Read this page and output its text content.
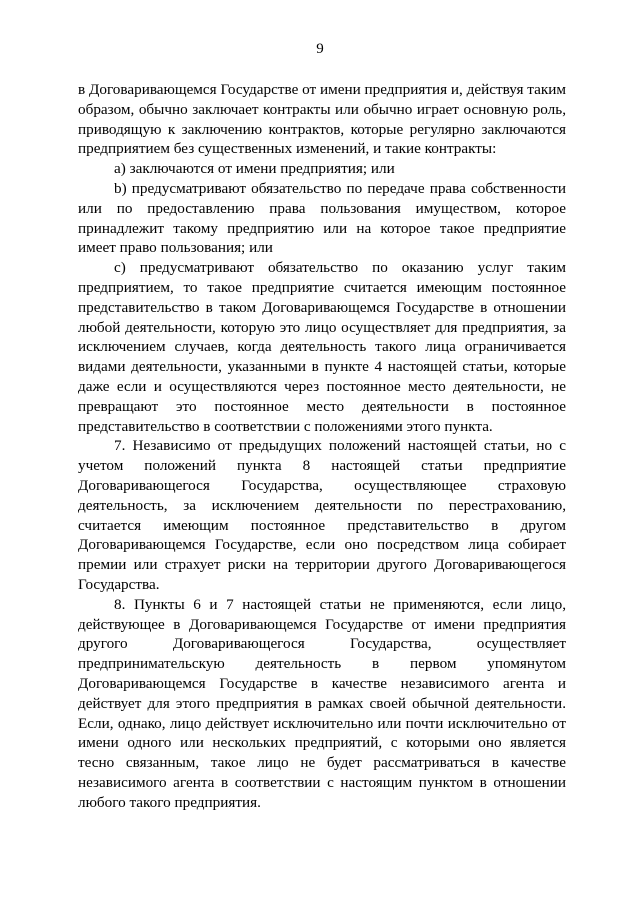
9

в Договаривающемся Государстве от имени предприятия и, действуя таким образом, обычно заключает контракты или обычно играет основную роль, приводящую к заключению контрактов, которые регулярно заключаются предприятием без существенных изменений, и такие контракты:

a) заключаются от имени предприятия; или

b) предусматривают обязательство по передаче права собственности или по предоставлению права пользования имуществом, которое принадлежит такому предприятию или на которое такое предприятие имеет право пользования; или

c) предусматривают обязательство по оказанию услуг таким предприятием, то такое предприятие считается имеющим постоянное представительство в таком Договаривающемся Государстве в отношении любой деятельности, которую это лицо осуществляет для предприятия, за исключением случаев, когда деятельность такого лица ограничивается видами деятельности, указанными в пункте 4 настоящей статьи, которые даже если и осуществляются через постоянное место деятельности, не превращают это постоянное место деятельности в постоянное представительство в соответствии с положениями этого пункта.

7. Независимо от предыдущих положений настоящей статьи, но с учетом положений пункта 8 настоящей статьи предприятие Договаривающегося Государства, осуществляющее страховую деятельность, за исключением деятельности по перестрахованию, считается имеющим постоянное представительство в другом Договаривающемся Государстве, если оно посредством лица собирает премии или страхует риски на территории другого Договаривающегося Государства.

8. Пункты 6 и 7 настоящей статьи не применяются, если лицо, действующее в Договаривающемся Государстве от имени предприятия другого Договаривающегося Государства, осуществляет предпринимательскую деятельность в первом упомянутом Договаривающемся Государстве в качестве независимого агента и действует для этого предприятия в рамках своей обычной деятельности. Если, однако, лицо действует исключительно или почти исключительно от имени одного или нескольких предприятий, с которыми оно является тесно связанным, такое лицо не будет рассматриваться в качестве независимого агента в соответствии с настоящим пунктом в отношении любого такого предприятия.
